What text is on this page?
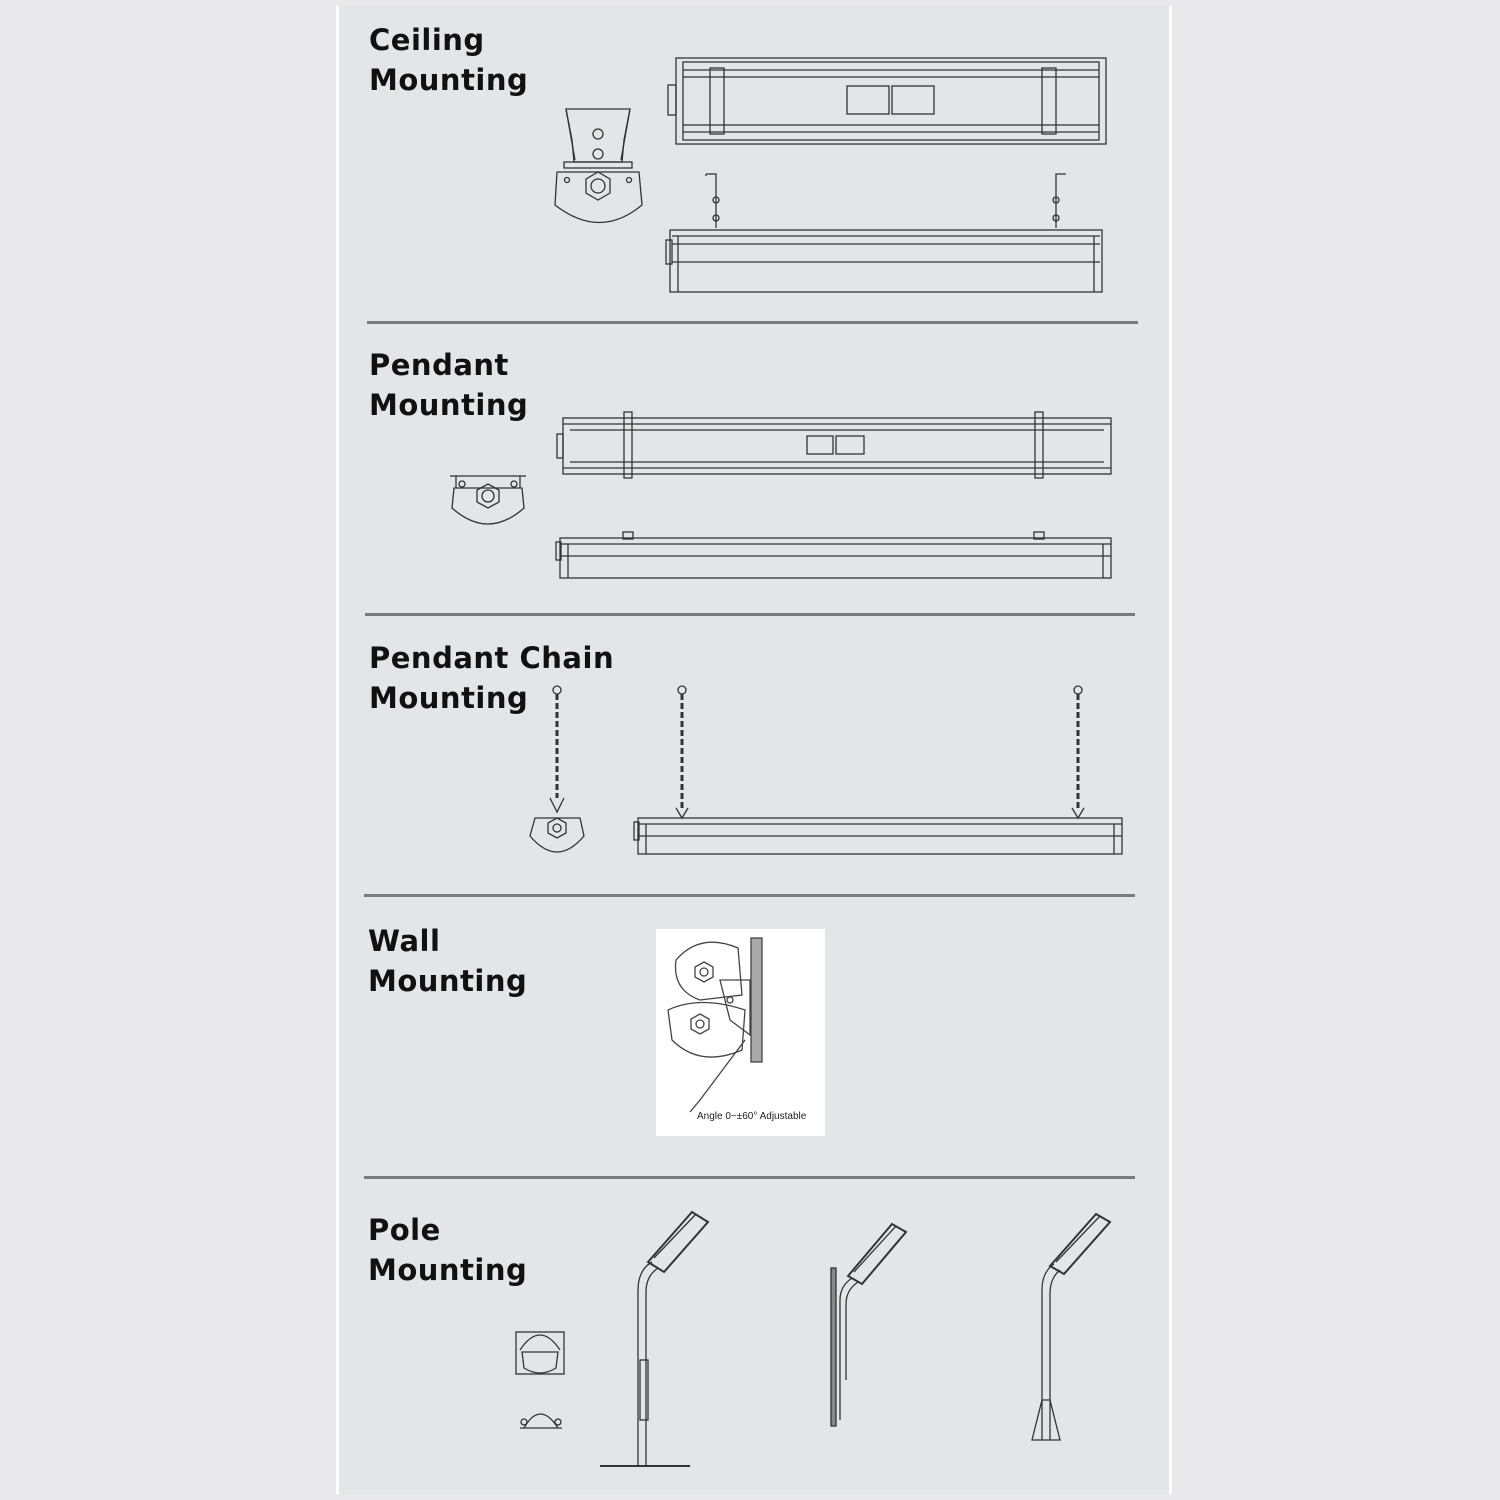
Ceiling
Mounting
Pendant
Mounting
Pendant Chain
Mounting
Wall
Mounting
Pole
Mounting
Angle 0~±60° Adjustable
